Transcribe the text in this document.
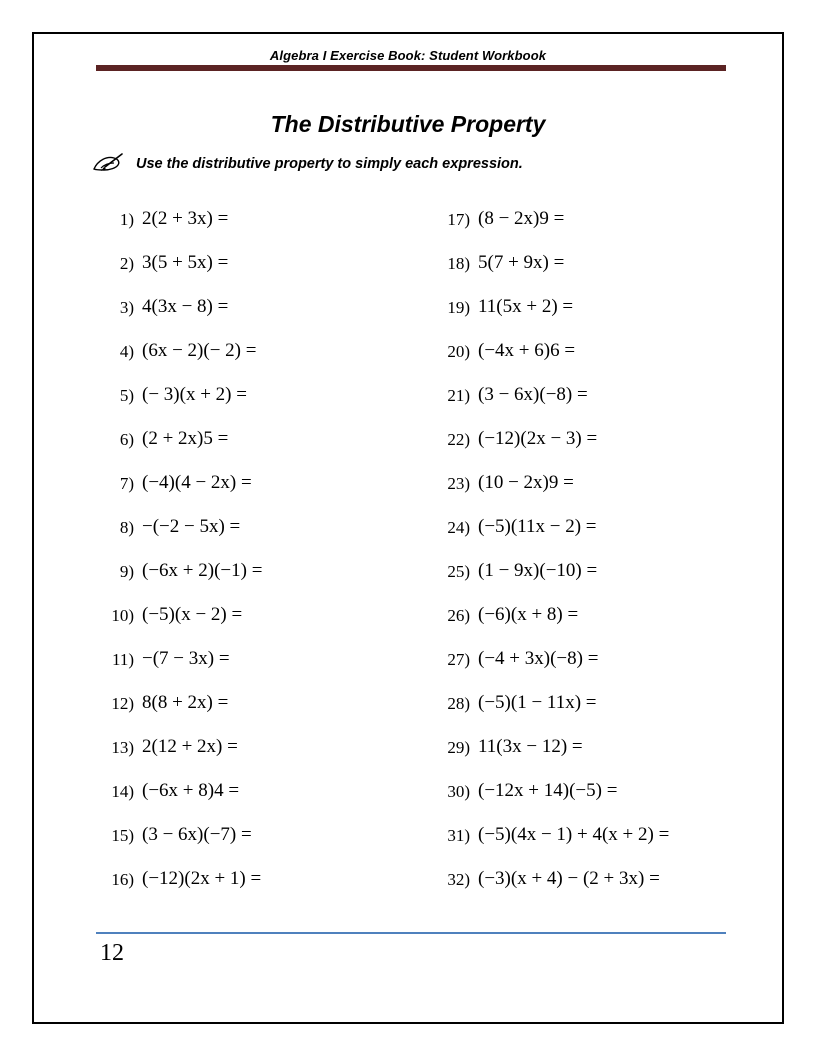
Algebra I Exercise Book: Student Workbook
The Distributive Property
Use the distributive property to simply each expression.
1) 2(2 + 3x) =
2) 3(5 + 5x) =
3) 4(3x − 8) =
4) (6x − 2)(− 2) =
5) (− 3)(x + 2) =
6) (2 + 2x)5 =
7) (−4)(4 − 2x) =
8) −(−2 − 5x) =
9) (−6x + 2)(−1) =
10) (−5)(x − 2) =
11) −(7 − 3x) =
12) 8(8 + 2x) =
13) 2(12 + 2x) =
14) (−6x + 8)4 =
15) (3 − 6x)(−7) =
16) (−12)(2x + 1) =
17) (8 − 2x)9 =
18) 5(7 + 9x) =
19) 11(5x + 2) =
20) (−4x + 6)6 =
21) (3 − 6x)(−8) =
22) (−12)(2x − 3) =
23) (10 − 2x)9 =
24) (−5)(11x − 2) =
25) (1 − 9x)(−10) =
26) (−6)(x + 8) =
27) (−4 + 3x)(−8) =
28) (−5)(1 − 11x) =
29) 11(3x − 12) =
30) (−12x + 14)(−5) =
31) (−5)(4x − 1) + 4(x + 2) =
32) (−3)(x + 4) − (2 + 3x) =
12
